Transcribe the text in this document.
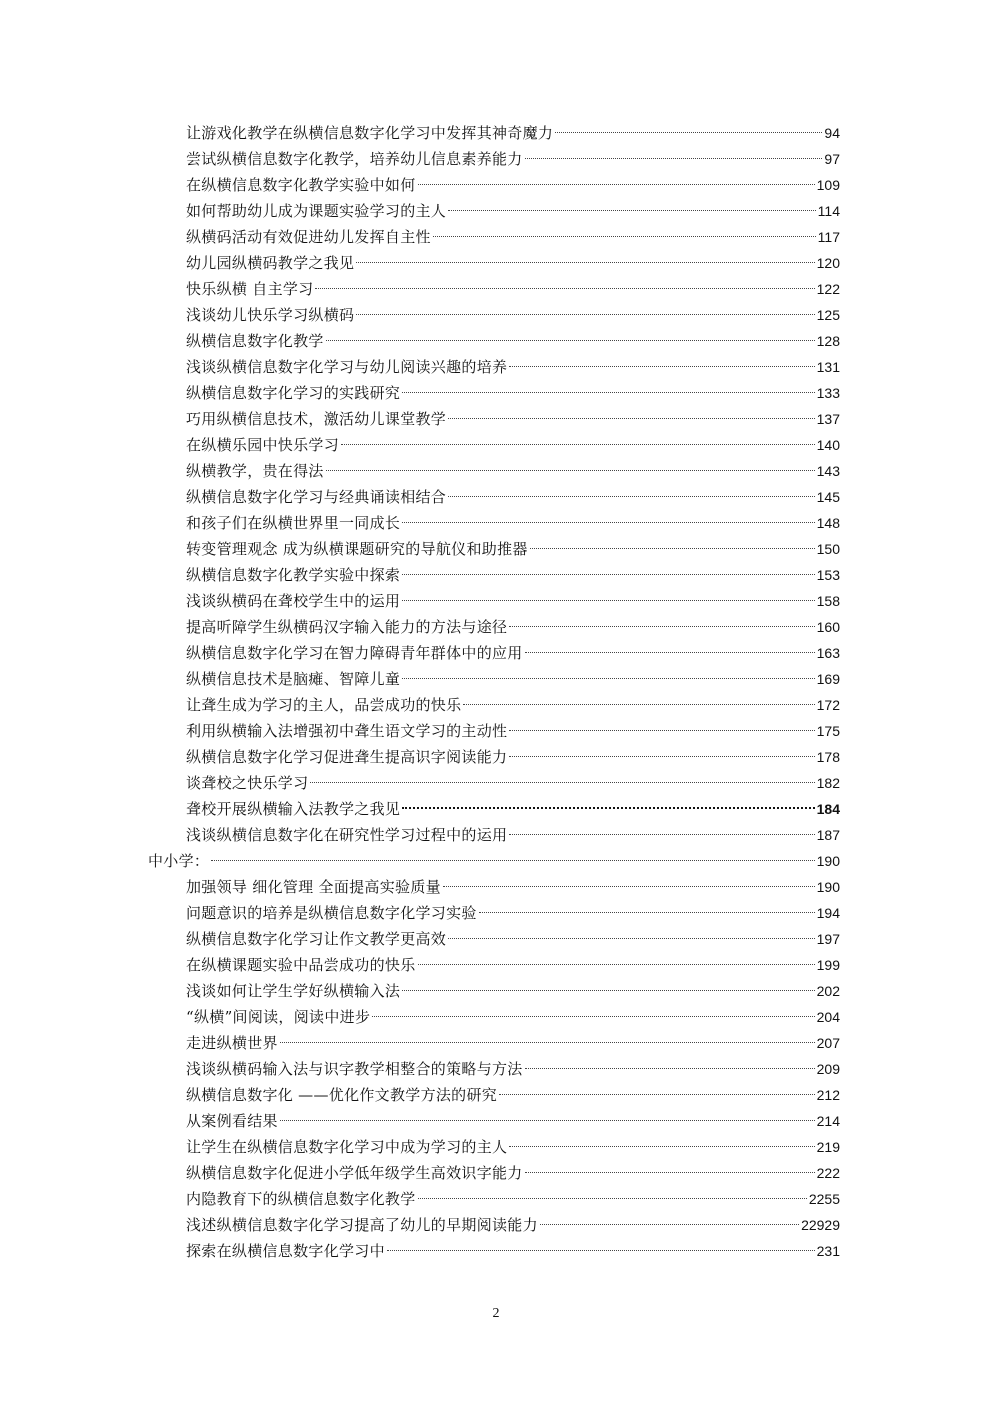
让游戏化教学在纵横信息数字化学习中发挥其神奇魔力	94
尝试纵横信息数字化教学，培养幼儿信息素养能力	97
在纵横信息数字化教学实验中如何	109
如何帮助幼儿成为课题实验学习的主人	114
纵横码活动有效促进幼儿发挥自主性	117
幼儿园纵横码教学之我见	120
快乐纵横 自主学习	122
浅谈幼儿快乐学习纵横码	125
纵横信息数字化教学	128
浅谈纵横信息数字化学习与幼儿阅读兴趣的培养	131
纵横信息数字化学习的实践研究	133
巧用纵横信息技术，激活幼儿课堂教学	137
在纵横乐园中快乐学习	140
纵横教学，贵在得法	143
纵横信息数字化学习与经典诵读相结合	145
和孩子们在纵横世界里一同成长	148
转变管理观念 成为纵横课题研究的导航仪和助推器	150
纵横信息数字化教学实验中探索	153
浅谈纵横码在聋校学生中的运用	158
提高听障学生纵横码汉字输入能力的方法与途径	160
纵横信息数字化学习在智力障碍青年群体中的应用	163
纵横信息技术是脑瘫、智障儿童	169
让聋生成为学习的主人，品尝成功的快乐	172
利用纵横输入法增强初中聋生语文学习的主动性	175
纵横信息数字化学习促进聋生提高识字阅读能力	178
谈聋校之快乐学习	182
聋校开展纵横输入法教学之我见	184
浅谈纵横信息数字化在研究性学习过程中的运用	187
中小学：	190
加强领导 细化管理 全面提高实验质量	190
问题意识的培养是纵横信息数字化学习实验	194
纵横信息数字化学习让作文教学更高效	197
在纵横课题实验中品尝成功的快乐	199
浅谈如何让学生学好纵横输入法	202
“纵横”间阅读，阅读中进步	204
走进纵横世界	207
浅谈纵横码输入法与识字教学相整合的策略与方法	209
纵横信息数字化 ——优化作文教学方法的研究	212
从案例看结果	214
让学生在纵横信息数字化学习中成为学习的主人	219
纵横信息数字化促进小学低年级学生高效识字能力	222
内隐教育下的纵横信息数字化教学	2255
浅述纵横信息数字化学习提高了幼儿的早期阅读能力	22929
探索在纵横信息数字化学习中	231
2
